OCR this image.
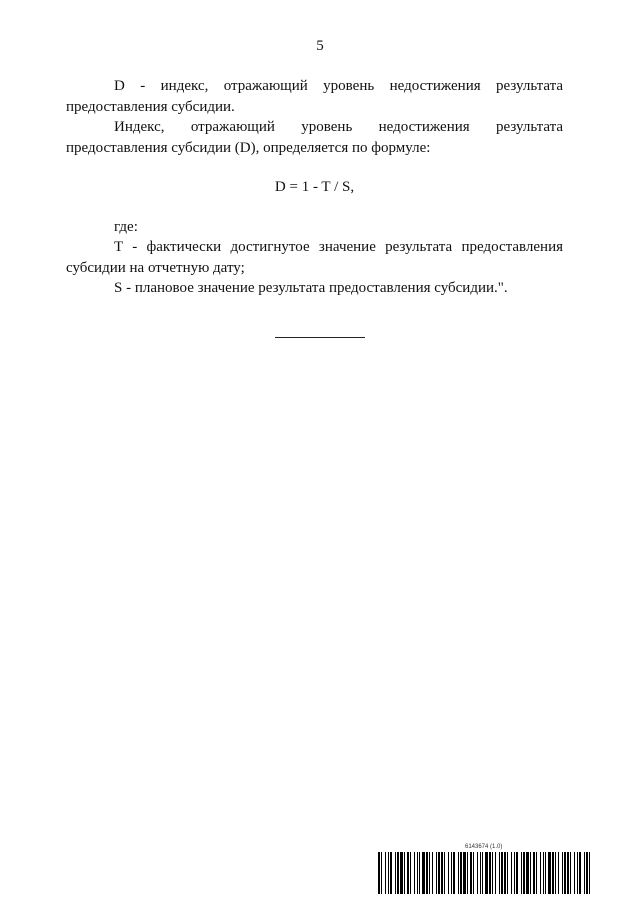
5

D - индекс, отражающий уровень недостижения результата предоставления субсидии.

Индекс, отражающий уровень недостижения результата предоставления субсидии (D), определяется по формуле:

D = 1 - T / S,

где:

T - фактически достигнутое значение результата предоставления субсидии на отчетную дату;

S - плановое значение результата предоставления субсидии.".

6143674 (1.0)
